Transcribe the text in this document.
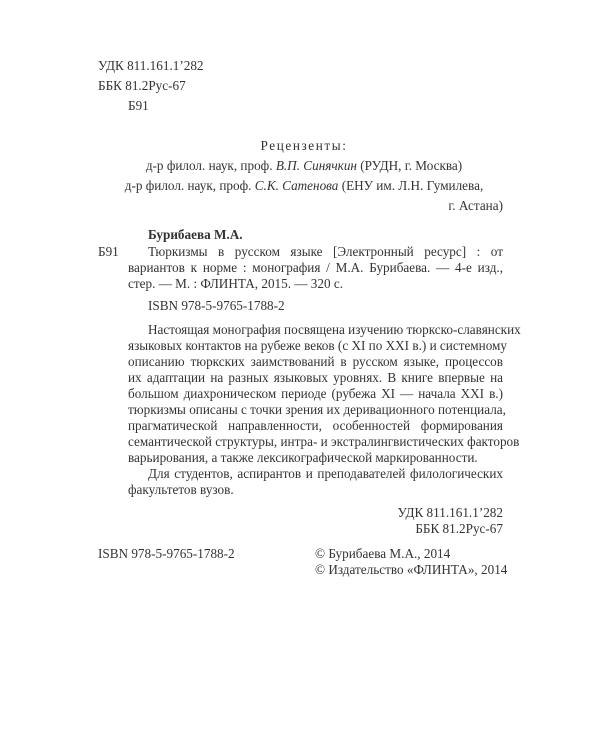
УДК 811.161.1’282
ББК 81.2Рус-67
Б91
Рецензенты:
д-р филол. наук, проф. В.П. Синячкин (РУДН, г. Москва)
д-р филол. наук, проф. С.К. Сатенова (ЕНУ им. Л.Н. Гумилева,
г. Астана)
Бурибаева М.А.
Б91 Тюркизмы в русском языке [Электронный ресурс] : от
вариантов к норме : монография / М.А. Бурибаева. — 4-е изд.,
стер. — М. : ФЛИНТА, 2015. — 320 с.
ISBN 978-5-9765-1788-2
Настоящая монография посвящена изучению тюркско-славянских
языковых контактов на рубеже веков (с XI по XXI в.) и системному
описанию тюркских заимствований в русском языке, процессов
их адаптации на разных языковых уровнях. В книге впервые на
большом диахроническом периоде (рубежа XI — начала XXI в.)
тюркизмы описаны с точки зрения их деривационного потенциала,
прагматической направленности, особенностей формирования
семантической структуры, интра- и экстралингвистических факторов
варьирования, а также лексикографической маркированности.
Для студентов, аспирантов и преподавателей филологических
факультетов вузов.
УДК 811.161.1’282
ББК 81.2Рус-67
ISBN 978-5-9765-1788-2	© Бурибаева М.А., 2014
© Издательство «ФЛИНТА», 2014
